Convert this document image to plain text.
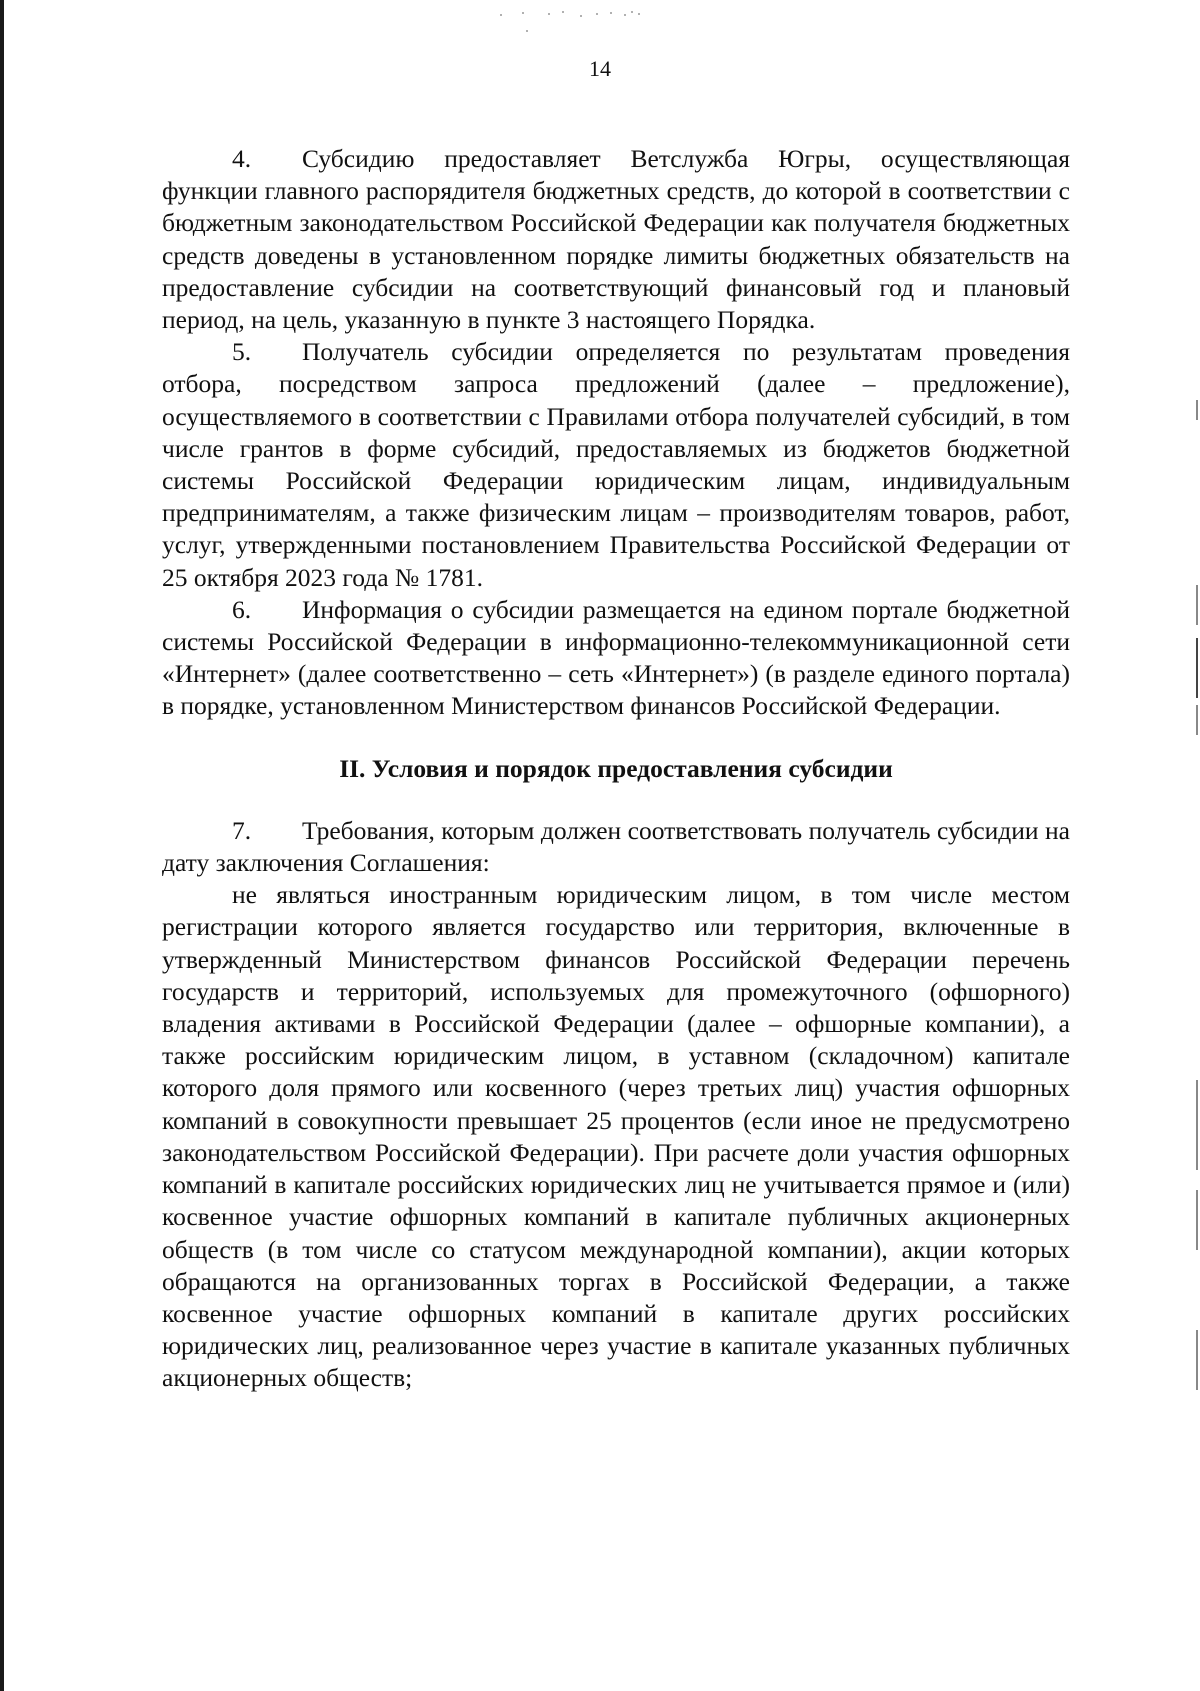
14

4. Субсидию предоставляет Ветслужба Югры, осуществляющая функции главного распорядителя бюджетных средств, до которой в соответствии с бюджетным законодательством Российской Федерации как получателя бюджетных средств доведены в установленном порядке лимиты бюджетных обязательств на предоставление субсидии на соответствующий финансовый год и плановый период, на цель, указанную в пункте 3 настоящего Порядка.

5. Получатель субсидии определяется по результатам проведения отбора, посредством запроса предложений (далее – предложение), осуществляемого в соответствии с Правилами отбора получателей субсидий, в том числе грантов в форме субсидий, предоставляемых из бюджетов бюджетной системы Российской Федерации юридическим лицам, индивидуальным предпринимателям, а также физическим лицам – производителям товаров, работ, услуг, утвержденными постановлением Правительства Российской Федерации от 25 октября 2023 года № 1781.

6. Информация о субсидии размещается на едином портале бюджетной системы Российской Федерации в информационно-телекоммуникационной сети «Интернет» (далее соответственно – сеть «Интернет») (в разделе единого портала) в порядке, установленном Министерством финансов Российской Федерации.

II. Условия и порядок предоставления субсидии

7. Требования, которым должен соответствовать получатель субсидии на дату заключения Соглашения:

не являться иностранным юридическим лицом, в том числе местом регистрации которого является государство или территория, включенные в утвержденный Министерством финансов Российской Федерации перечень государств и территорий, используемых для промежуточного (офшорного) владения активами в Российской Федерации (далее – офшорные компании), а также российским юридическим лицом, в уставном (складочном) капитале которого доля прямого или косвенного (через третьих лиц) участия офшорных компаний в совокупности превышает 25 процентов (если иное не предусмотрено законодательством Российской Федерации). При расчете доли участия офшорных компаний в капитале российских юридических лиц не учитывается прямое и (или) косвенное участие офшорных компаний в капитале публичных акционерных обществ (в том числе со статусом международной компании), акции которых обращаются на организованных торгах в Российской Федерации, а также косвенное участие офшорных компаний в капитале других российских юридических лиц, реализованное через участие в капитале указанных публичных акционерных обществ;
